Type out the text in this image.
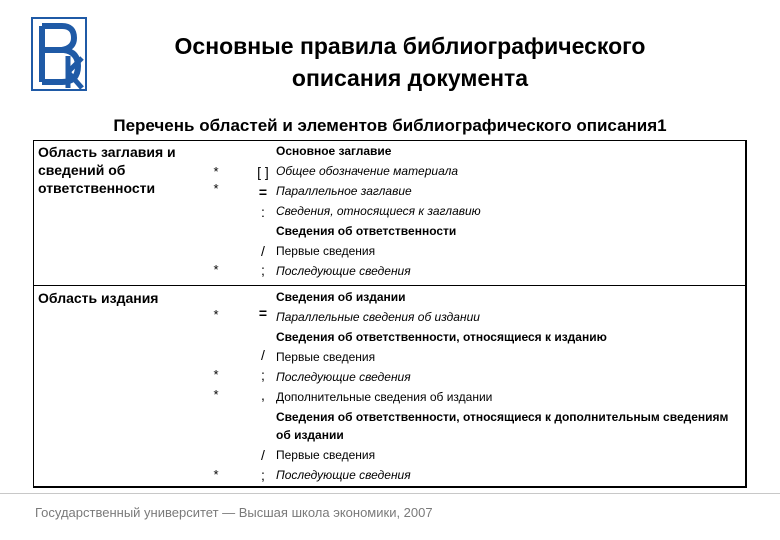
Основные правила библиографического
описания документа
Перечень областей и элементов библиографического описания1
Область заглавия и
сведений об
ответственности
*
*
*
[ ]
=
:
/
;
Основное заглавие
Общее обозначение материала
Параллельное заглавие
Сведения, относящиеся к заглавию
Сведения об ответственности
Первые сведения
Последующие сведения
Область издания
*
*
*
*
=
/
;
,
/
;
Сведения об издании
Параллельные сведения об издании
Сведения об ответственности, относящиеся к изданию
Первые сведения
Последующие сведения
Дополнительные сведения об издании
Сведения об ответственности, относящиеся к дополнительным сведениям об издании
Первые сведения
Последующие сведения
Государственный университет — Высшая школа экономики, 2007
